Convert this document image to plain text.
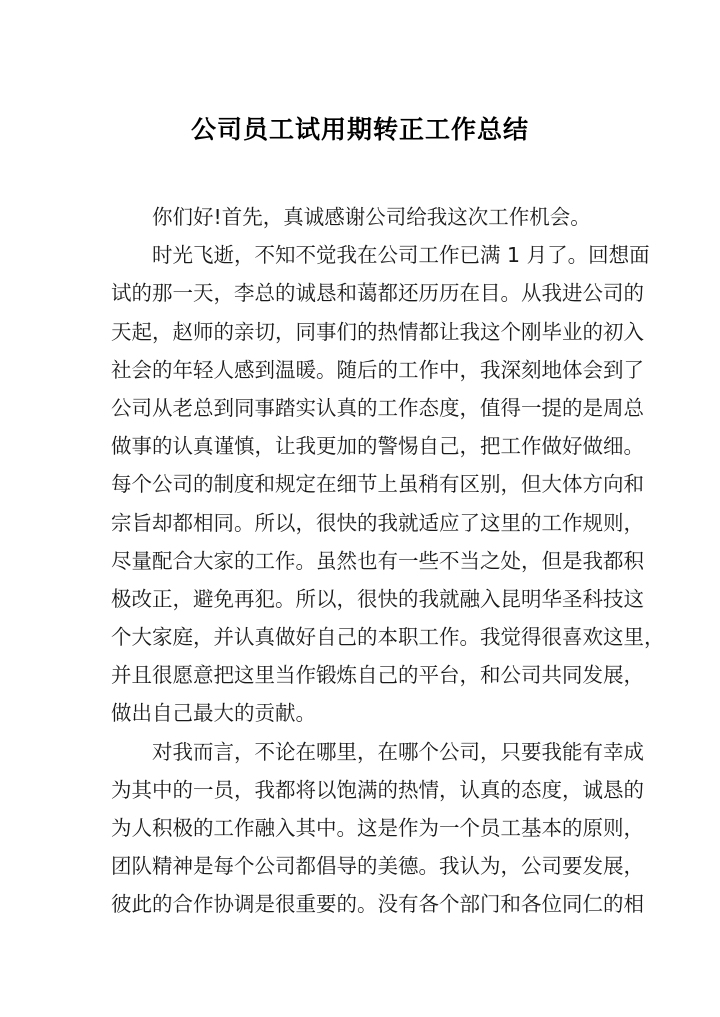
公司员工试用期转正工作总结
你们好!首先，真诚感谢公司给我这次工作机会。
时光飞逝，不知不觉我在公司工作已满 1 月了。回想面
试的那一天，李总的诚恳和蔼都还历历在目。从我进公司的
天起，赵师的亲切，同事们的热情都让我这个刚毕业的初入
社会的年轻人感到温暖。随后的工作中，我深刻地体会到了
公司从老总到同事踏实认真的工作态度，值得一提的是周总
做事的认真谨慎，让我更加的警惕自己，把工作做好做细。
每个公司的制度和规定在细节上虽稍有区别，但大体方向和
宗旨却都相同。所以，很快的我就适应了这里的工作规则，
尽量配合大家的工作。虽然也有一些不当之处，但是我都积
极改正，避免再犯。所以，很快的我就融入昆明华圣科技这
个大家庭，并认真做好自己的本职工作。我觉得很喜欢这里，
并且很愿意把这里当作锻炼自己的平台，和公司共同发展，
做出自己最大的贡献。
对我而言，不论在哪里，在哪个公司，只要我能有幸成
为其中的一员，我都将以饱满的热情，认真的态度，诚恳的
为人积极的工作融入其中。这是作为一个员工基本的原则，
团队精神是每个公司都倡导的美德。我认为，公司要发展，
彼此的合作协调是很重要的。没有各个部门和各位同仁的相
